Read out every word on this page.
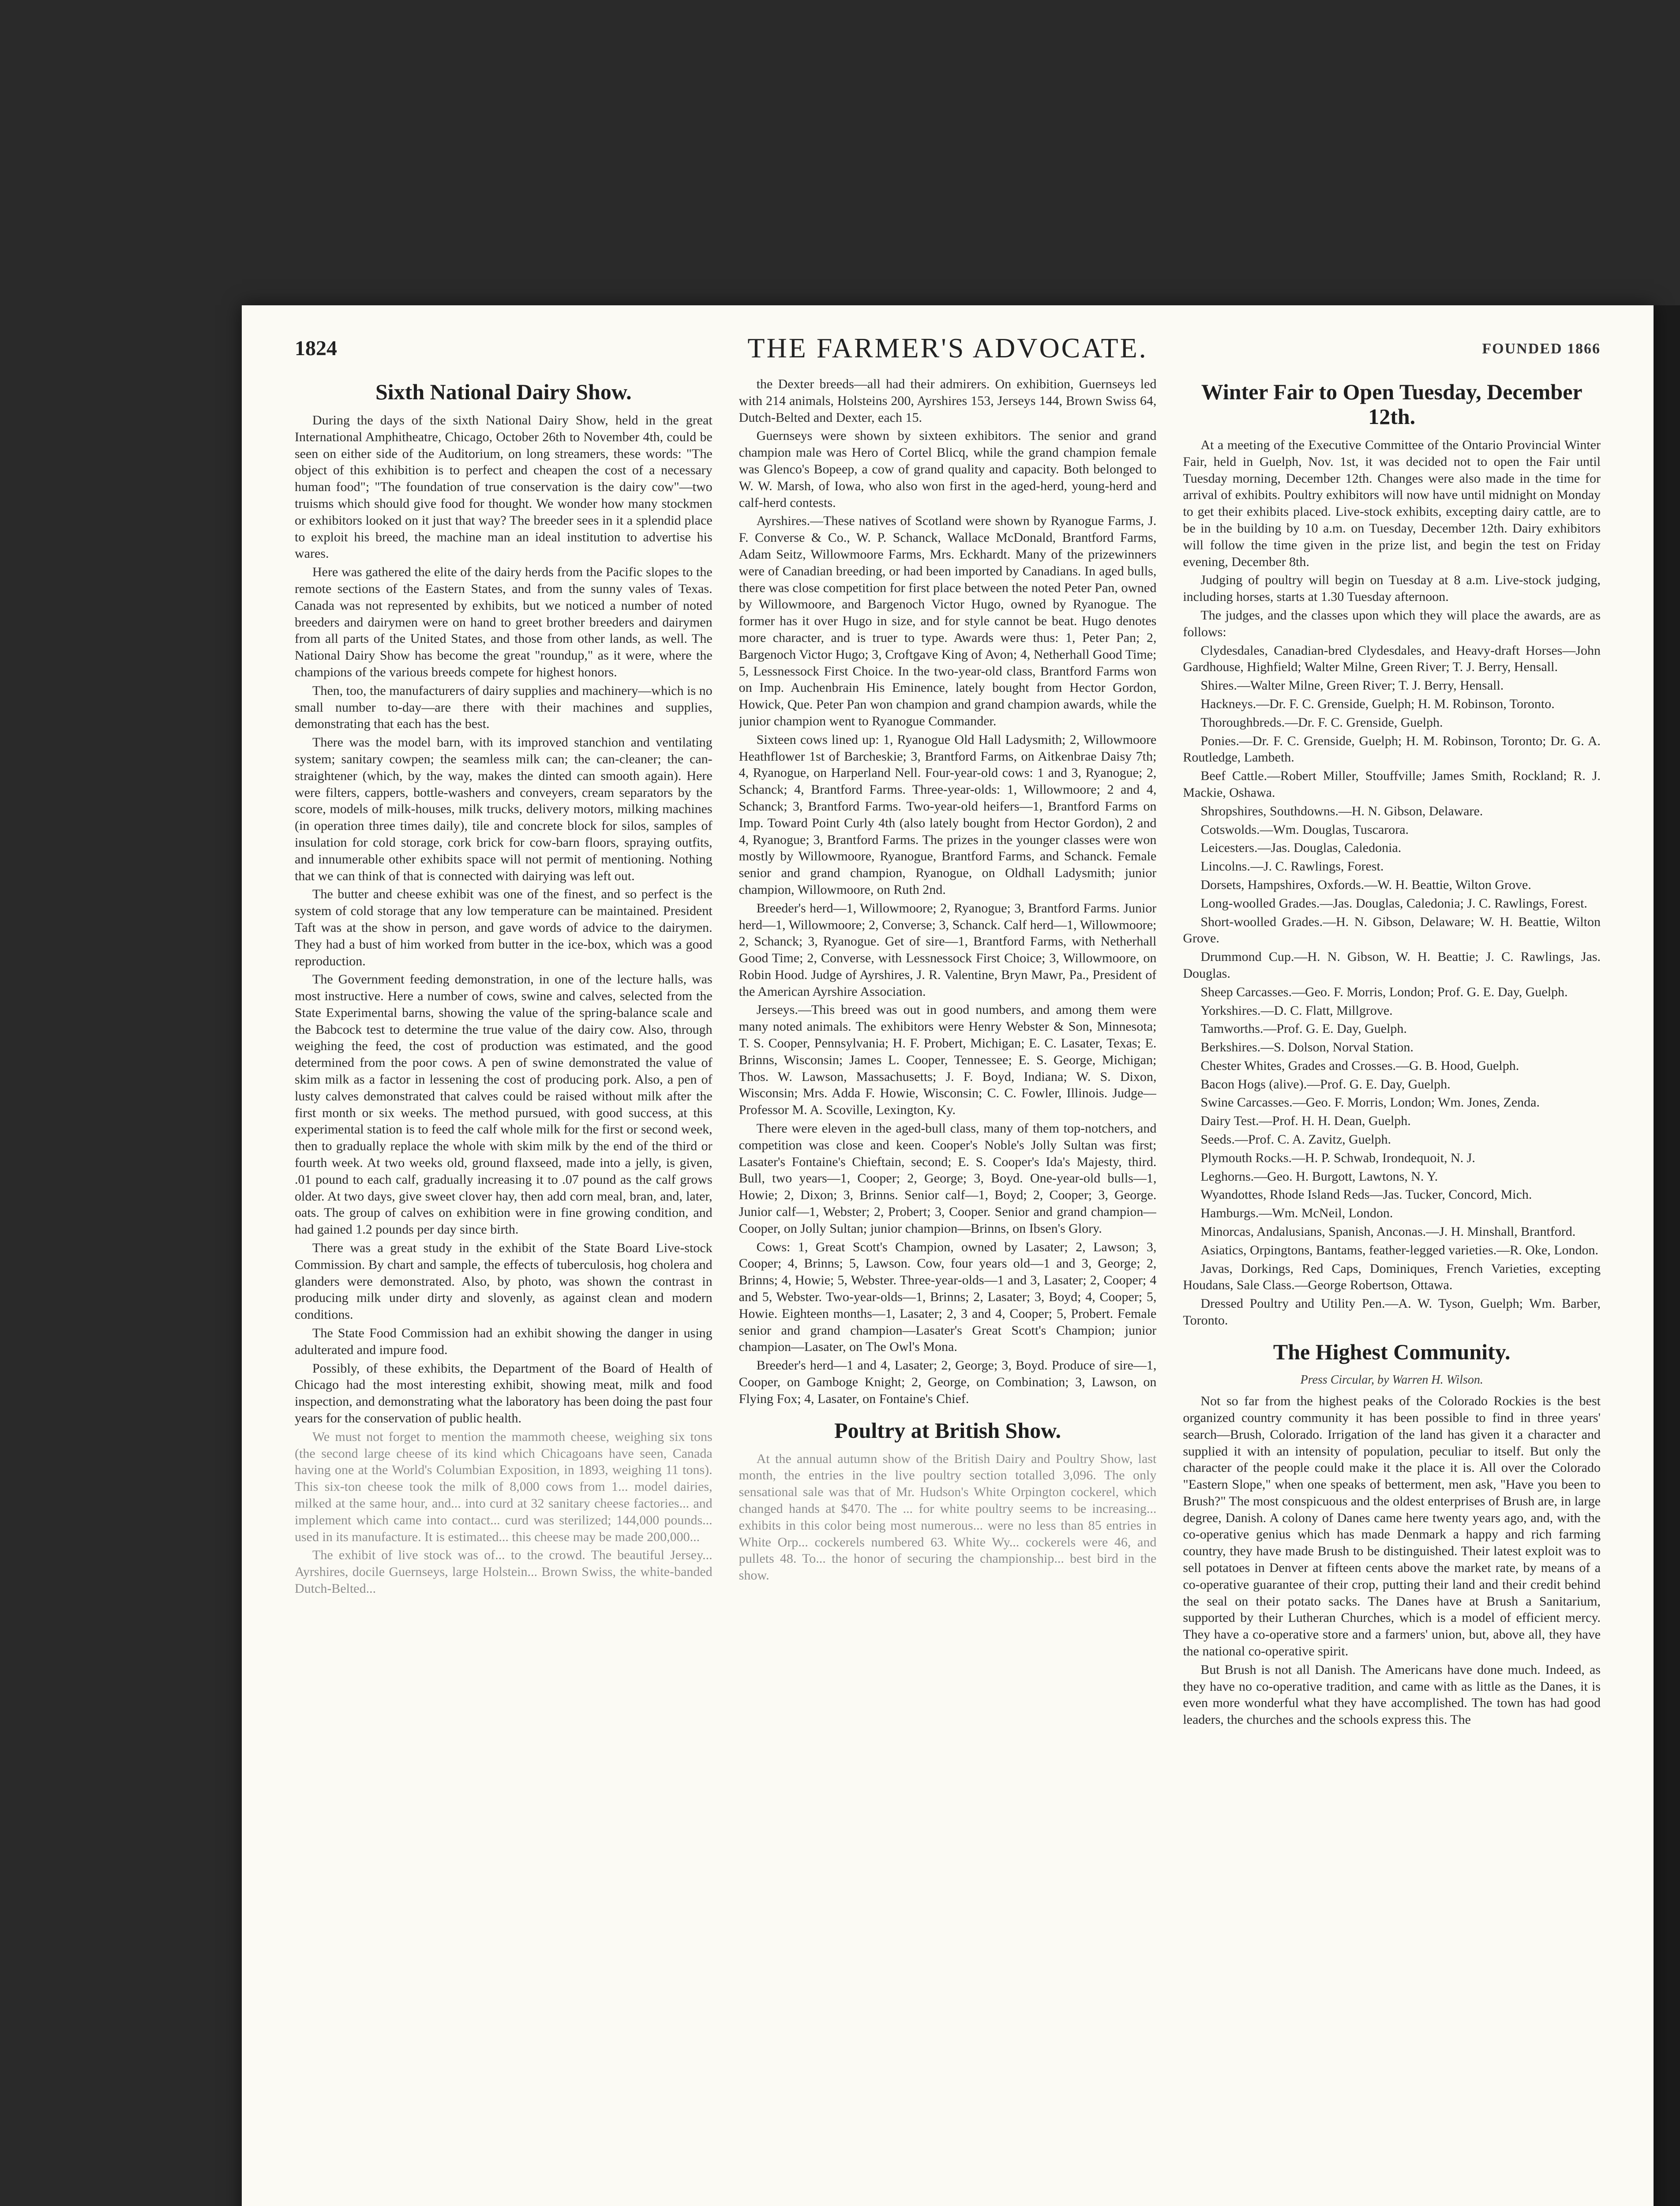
1824	THE FARMER'S ADVOCATE.	FOUNDED 1866
Sixth National Dairy Show.

During the days of the sixth National Dairy Show, held in the great International Amphitheatre, Chicago, October 26th to November 4th, could be seen on either side of the Auditorium, on long streamers, these words: "The object of this exhibition is to perfect and cheapen the cost of a necessary human food"; "The foundation of true conservation is the dairy cow"—two truisms which should give food for thought. We wonder how many stockmen or exhibitors looked on it just that way? The breeder sees in it a splendid place to exploit his breed, the machine man an ideal institution to advertise his wares.

Here was gathered the elite of the dairy herds from the Pacific slopes to the remote sections of the Eastern States, and from the sunny vales of Texas. Canada was not represented by exhibits, but we noticed a number of noted breeders and dairymen were on hand to greet brother breeders and dairymen from all parts of the United States, and those from other lands, as well. The National Dairy Show has become the great "roundup," as it were, where the champions of the various breeds compete for highest honors.

Then, too, the manufacturers of dairy supplies and machinery—which is no small number to-day—are there with their machines and supplies, demonstrating that each has the best.

There was the model barn, with its improved stanchion and ventilating system; sanitary cowpen; the seamless milk can; the can-cleaner; the can-straightener (which, by the way, makes the dinted can smooth again). Here were filters, cappers, bottle-washers and conveyers, cream separators by the score, models of milk-houses, milk trucks, delivery motors, milking machines (in operation three times daily), tile and concrete block for silos, samples of insulation for cold storage, cork brick for cow-barn floors, spraying outfits, and innumerable other exhibits space will not permit of mentioning. Nothing that we can think of that is connected with dairying was left out.

The butter and cheese exhibit was one of the finest, and so perfect is the system of cold storage that any low temperature can be maintained. President Taft was at the show in person, and gave words of advice to the dairymen. They had a bust of him worked from butter in the ice-box, which was a good reproduction.

The Government feeding demonstration, in one of the lecture halls, was most instructive. Here a number of cows, swine and calves, selected from the State Experimental barns, showing the value of the spring-balance scale and the Babcock test to determine the true value of the dairy cow. Also, through weighing the feed, the cost of production was estimated, and the good determined from the poor cows. A pen of swine demonstrated the value of skim milk as a factor in lessening the cost of producing pork. Also, a pen of lusty calves demonstrated that calves could be raised without milk after the first month or six weeks. The method pursued, with good success, at this experimental station is to feed the calf whole milk for the first or second week, then to gradually replace the whole with skim milk by the end of the third or fourth week. At two weeks old, ground flaxseed, made into a jelly, is given, .01 pound to each calf, gradually increasing it to .07 pound as the calf grows older. At two days, give sweet clover hay, then add corn meal, bran, and, later, oats. The group of calves on exhibition were in fine growing condition, and had gained 1.2 pounds per day since birth.

There was a great study in the exhibit of the State Board Live-stock Commission. By chart and sample, the effects of tuberculosis, hog cholera and glanders were demonstrated. Also, by photo, was shown the contrast in producing milk under dirty and slovenly, as against clean and modern conditions.

The State Food Commission had an exhibit showing the danger in using adulterated and impure food.

Possibly, of these exhibits, the Department of the Board of Health of Chicago had the most interesting exhibit, showing meat, milk and food inspection, and demonstrating what the laboratory has been doing the past four years for the conservation of public health.

We must not forget to mention the mammoth cheese, weighing six tons (the second large cheese of its kind which Chicagoans have seen, Canada having one at the World's Columbian Exposition, in 1893, weighing 11 tons). This six-ton cheese took the milk of 8,000 cows from 1... model dairies, milked at the same hour, and... into curd at 32 sanitary cheese factories... and implement which came into contact... curd was sterilized; 144,000 pounds... used in its manufacture. It is estimated... this cheese may be made 200,000...

The exhibit of live stock was of... to the crowd. The beautiful Jersey... Ayrshires, docile Guernseys, large Holstein... Brown Swiss, the white-banded Dutch-Belted...

the Dexter breeds—all had their admirers. On exhibition, Guernseys led with 214 animals, Holsteins 200, Ayrshires 153, Jerseys 144, Brown Swiss 64, Dutch-Belted and Dexter, each 15.

Guernseys were shown by sixteen exhibitors. The senior and grand champion male was Hero of Cortel Blicq, while the grand champion female was Glenco's Bopeep, a cow of grand quality and capacity. Both belonged to W. W. Marsh, of Iowa, who also won first in the aged-herd, young-herd and calf-herd contests.

Ayrshires.—These natives of Scotland were shown by Ryanogue Farms, J. F. Converse & Co., W. P. Schanck, Wallace McDonald, Brantford Farms, Adam Seitz, Willowmoore Farms, Mrs. Eckhardt. Many of the prizewinners were of Canadian breeding, or had been imported by Canadians. In aged bulls, there was close competition for first place between the noted Peter Pan, owned by Willowmoore, and Bargenoch Victor Hugo, owned by Ryanogue. The former has it over Hugo in size, and for style cannot be beat. Hugo denotes more character, and is truer to type. Awards were thus: 1, Peter Pan; 2, Bargenoch Victor Hugo; 3, Croftgave King of Avon; 4, Netherhall Good Time; 5, Lessnessock First Choice. In the two-year-old class, Brantford Farms won on Imp. Auchenbrain His Eminence, lately bought from Hector Gordon, Howick, Que. Peter Pan won champion and grand champion awards, while the junior champion went to Ryanogue Commander.

Sixteen cows lined up: 1, Ryanogue Old Hall Ladysmith; 2, Willowmoore Heathflower 1st of Barcheskie; 3, Brantford Farms, on Aitkenbrae Daisy 7th; 4, Ryanogue, on Harperland Nell. Four-year-old cows: 1 and 3, Ryanogue; 2, Schanck; 4, Brantford Farms. Three-year-olds: 1, Willowmoore; 2 and 4, Schanck; 3, Brantford Farms. Two-year-old heifers—1, Brantford Farms on Imp. Toward Point Curly 4th (also lately bought from Hector Gordon), 2 and 4, Ryanogue; 3, Brantford Farms. The prizes in the younger classes were won mostly by Willowmoore, Ryanogue, Brantford Farms, and Schanck. Female senior and grand champion, Ryanogue, on Oldhall Ladysmith; junior champion, Willowmoore, on Ruth 2nd.

Breeder's herd—1, Willowmoore; 2, Ryanogue; 3, Brantford Farms. Junior herd—1, Willowmoore; 2, Converse; 3, Schanck. Calf herd—1, Willowmoore; 2, Schanck; 3, Ryanogue. Get of sire—1, Brantford Farms, with Netherhall Good Time; 2, Converse, with Lessnessock First Choice; 3, Willowmoore, on Robin Hood. Judge of Ayrshires, J. R. Valentine, Bryn Mawr, Pa., President of the American Ayrshire Association.

Jerseys.—This breed was out in good numbers, and among them were many noted animals. The exhibitors were Henry Webster & Son, Minnesota; T. S. Cooper, Pennsylvania; H. F. Probert, Michigan; E. C. Lasater, Texas; E. Brinns, Wisconsin; James L. Cooper, Tennessee; E. S. George, Michigan; Thos. W. Lawson, Massachusetts; J. F. Boyd, Indiana; W. S. Dixon, Wisconsin; Mrs. Adda F. Howie, Wisconsin; C. C. Fowler, Illinois. Judge—Professor M. A. Scoville, Lexington, Ky.

There were eleven in the aged-bull class, many of them top-notchers, and competition was close and keen. Cooper's Noble's Jolly Sultan was first; Lasater's Fontaine's Chieftain, second; E. S. Cooper's Ida's Majesty, third. Bull, two years—1, Cooper; 2, George; 3, Boyd. One-year-old bulls—1, Howie; 2, Dixon; 3, Brinns. Senior calf—1, Boyd; 2, Cooper; 3, George. Junior calf—1, Webster; 2, Probert; 3, Cooper. Senior and grand champion—Cooper, on Jolly Sultan; junior champion—Brinns, on Ibsen's Glory.

Cows: 1, Great Scott's Champion, owned by Lasater; 2, Lawson; 3, Cooper; 4, Brinns; 5, Lawson. Cow, four years old—1 and 3, George; 2, Brinns; 4, Howie; 5, Webster. Three-year-olds—1 and 3, Lasater; 2, Cooper; 4 and 5, Webster. Two-year-olds—1, Brinns; 2, Lasater; 3, Boyd; 4, Cooper; 5, Howie. Eighteen months—1, Lasater; 2, 3 and 4, Cooper; 5, Probert. Female senior and grand champion—Lasater's Great Scott's Champion; junior champion—Lasater, on The Owl's Mona.

Breeder's herd—1 and 4, Lasater; 2, George; 3, Boyd. Produce of sire—1, Cooper, on Gamboge Knight; 2, George, on Combination; 3, Lawson, on Flying Fox; 4, Lasater, on Fontaine's Chief.

Poultry at British Show.

At the annual autumn show of the British Dairy and Poultry Show, last month, the entries in the live poultry section totalled 3,096. The only sensational sale was that of Mr. Hudson's White Orpington cockerel, which changed hands at $470. The ... for white poultry seems to be increasing... exhibits in this color being most numerous... were no less than 85 entries in White Orp... cockerels numbered 63. White Wy... cockerels were 46, and pullets 48. To... the honor of securing the championship... best bird in the show.

Winter Fair to Open Tuesday, December 12th.

At a meeting of the Executive Committee of the Ontario Provincial Winter Fair, held in Guelph, Nov. 1st, it was decided not to open the Fair until Tuesday morning, December 12th. Changes were also made in the time for arrival of exhibits. Poultry exhibitors will now have until midnight on Monday to get their exhibits placed. Live-stock exhibits, excepting dairy cattle, are to be in the building by 10 a.m. on Tuesday, December 12th. Dairy exhibitors will follow the time given in the prize list, and begin the test on Friday evening, December 8th.

Judging of poultry will begin on Tuesday at 8 a.m. Live-stock judging, including horses, starts at 1.30 Tuesday afternoon.

The judges, and the classes upon which they will place the awards, are as follows:

Clydesdales, Canadian-bred Clydesdales, and Heavy-draft Horses—John Gardhouse, Highfield; Walter Milne, Green River; T. J. Berry, Hensall.

Shires.—Walter Milne, Green River; T. J. Berry, Hensall.

Hackneys.—Dr. F. C. Grenside, Guelph; H. M. Robinson, Toronto.

Thoroughbreds.—Dr. F. C. Grenside, Guelph.

Ponies.—Dr. F. C. Grenside, Guelph; H. M. Robinson, Toronto; Dr. G. A. Routledge, Lambeth.

Beef Cattle.—Robert Miller, Stouffville; James Smith, Rockland; R. J. Mackie, Oshawa.

Shropshires, Southdowns.—H. N. Gibson, Delaware.

Cotswolds.—Wm. Douglas, Tuscarora.

Leicesters.—Jas. Douglas, Caledonia.

Lincolns.—J. C. Rawlings, Forest.

Dorsets, Hampshires, Oxfords.—W. H. Beattie, Wilton Grove.

Long-woolled Grades.—Jas. Douglas, Caledonia; J. C. Rawlings, Forest.

Short-woolled Grades.—H. N. Gibson, Delaware; W. H. Beattie, Wilton Grove.

Drummond Cup.—H. N. Gibson, W. H. Beattie; J. C. Rawlings, Jas. Douglas.

Sheep Carcasses.—Geo. F. Morris, London; Prof. G. E. Day, Guelph.

Yorkshires.—D. C. Flatt, Millgrove.

Tamworths.—Prof. G. E. Day, Guelph.

Berkshires.—S. Dolson, Norval Station.

Chester Whites, Grades and Crosses.—G. B. Hood, Guelph.

Bacon Hogs (alive).—Prof. G. E. Day, Guelph.

Swine Carcasses.—Geo. F. Morris, London; Wm. Jones, Zenda.

Dairy Test.—Prof. H. H. Dean, Guelph.

Seeds.—Prof. C. A. Zavitz, Guelph.

Plymouth Rocks.—H. P. Schwab, Irondequoit, N. J.

Leghorns.—Geo. H. Burgott, Lawtons, N. Y.

Wyandottes, Rhode Island Reds—Jas. Tucker, Concord, Mich.

Hamburgs.—Wm. McNeil, London.

Minorcas, Andalusians, Spanish, Anconas.—J. H. Minshall, Brantford.

Asiatics, Orpingtons, Bantams, feather-legged varieties.—R. Oke, London.

Javas, Dorkings, Red Caps, Dominiques, French Varieties, excepting Houdans, Sale Class.—George Robertson, Ottawa.

Dressed Poultry and Utility Pen.—A. W. Tyson, Guelph; Wm. Barber, Toronto.

The Highest Community.
Press Circular, by Warren H. Wilson.

Not so far from the highest peaks of the Colorado Rockies is the best organized country community it has been possible to find in three years' search—Brush, Colorado. Irrigation of the land has given it a character and supplied it with an intensity of population, peculiar to itself. But only the character of the people could make it the place it is. All over the Colorado "Eastern Slope," when one speaks of betterment, men ask, "Have you been to Brush?" The most conspicuous and the oldest enterprises of Brush are, in large degree, Danish. A colony of Danes came here twenty years ago, and, with the co-operative genius which has made Denmark a happy and rich farming country, they have made Brush to be distinguished. Their latest exploit was to sell potatoes in Denver at fifteen cents above the market rate, by means of a co-operative guarantee of their crop, putting their land and their credit behind the seal on their potato sacks. The Danes have at Brush a Sanitarium, supported by their Lutheran Churches, which is a model of efficient mercy. They have a co-operative store and a farmers' union, but, above all, they have the national co-operative spirit.

But Brush is not all Danish. The Americans have done much. Indeed, as they have no co-operative tradition, and came with as little as the Danes, it is even more wonderful what they have accomplished. The town has had good leaders, the churches and the schools express this. The
